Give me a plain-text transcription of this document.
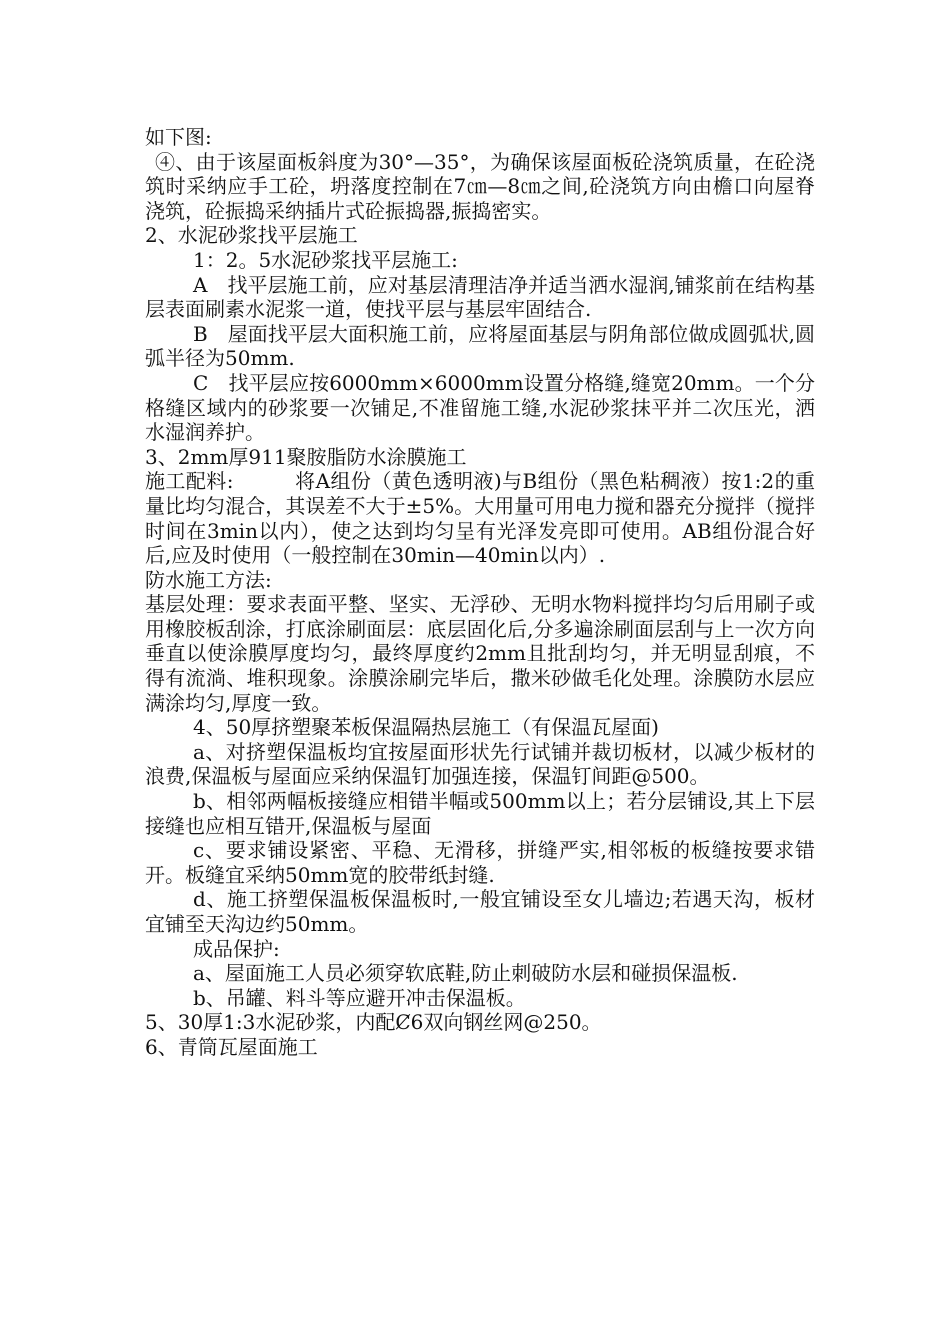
如下图:

④、由于该屋面板斜度为30°—35°，为确保该屋面板砼浇筑质量，在砼浇筑时采纳应手工砼，坍落度控制在7㎝—8㎝之间,砼浇筑方向由檐口向屋脊浇筑，砼振捣采纳插片式砼振捣器,振捣密实。

2、水泥砂浆找平层施工

1：2。5水泥砂浆找平层施工:

A　找平层施工前，应对基层清理洁净并适当洒水湿润,铺浆前在结构基层表面刷素水泥浆一道，使找平层与基层牢固结合.

B　屋面找平层大面积施工前，应将屋面基层与阴角部位做成圆弧状,圆弧半径为50mm.

C　找平层应按6000mm×6000mm设置分格缝,缝宽20mm。一个分格缝区域内的砂浆要一次铺足,不准留施工缝,水泥砂浆抹平并二次压光，洒水湿润养护。

3、2mm厚911聚胺脂防水涂膜施工

施工配料:　　　将A组份（黄色透明液)与B组份（黑色粘稠液）按1:2的重量比均匀混合，其误差不大于±5%。大用量可用电力搅和器充分搅拌（搅拌时间在3min以内），使之达到均匀呈有光泽发亮即可使用。AB组份混合好后,应及时使用（一般控制在30min—40min以内）.

防水施工方法:

基层处理：要求表面平整、坚实、无浮砂、无明水物料搅拌均匀后用刷子或用橡胶板刮涂，打底涂刷面层：底层固化后,分多遍涂刷面层刮与上一次方向垂直以使涂膜厚度均匀，最终厚度约2mm且批刮均匀，并无明显刮痕，不得有流淌、堆积现象。涂膜涂刷完毕后，撒米砂做毛化处理。涂膜防水层应满涂均匀,厚度一致。

4、50厚挤塑聚苯板保温隔热层施工（有保温瓦屋面)

a、对挤塑保温板均宜按屋面形状先行试铺并裁切板材，以减少板材的浪费,保温板与屋面应采纳保温钉加强连接，保温钉间距@500。

b、相邻两幅板接缝应相错半幅或500mm以上；若分层铺设,其上下层接缝也应相互错开,保温板与屋面

c、要求铺设紧密、平稳、无滑移，拼缝严实,相邻板的板缝按要求错开。板缝宜采纳50mm宽的胶带纸封缝.

d、施工挤塑保温板保温板时,一般宜铺设至女儿墙边;若遇天沟，板材宜铺至天沟边约50mm。

成品保护:

a、屋面施工人员必须穿软底鞋,防止刺破防水层和碰损保温板.

b、吊罐、料斗等应避开冲击保温板。

5、30厚1:3水泥砂浆，内配Ȼ6双向钢丝网@250。

6、青筒瓦屋面施工
